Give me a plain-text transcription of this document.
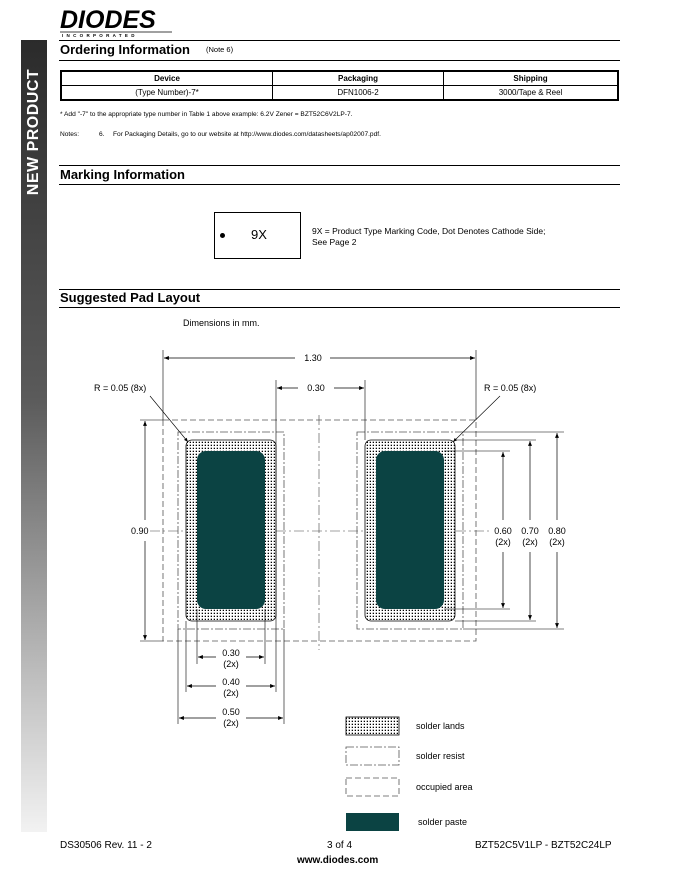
DIODES
INCORPORATED
NEW PRODUCT
Ordering Information (Note 6)
Device	Packaging	Shipping
(Type Number)-7*	DFN1006-2	3000/Tape & Reel
* Add "-7" to the appropriate type number in Table 1 above example: 6.2V Zener = BZT52C6V2LP-7.
Notes:	6. For Packaging Details, go to our website at http://www.diodes.com/datasheets/ap02007.pdf.
Marking Information
9X	9X = Product Type Marking Code, Dot Denotes Cathode Side;
See Page 2
Suggested Pad Layout
Dimensions in mm.
1.30
0.30
R = 0.05 (8x)	R = 0.05 (8x)
0.90	0.60
(2x)
0.70
(2x)
0.80
(2x)
0.30
(2x)
0.40
(2x)
0.50
(2x)	solder lands
solder resist
occupied area
solder paste
DS30506 Rev. 11 - 2	3 of 4
www.diodes.com
BZT52C5V1LP - BZT52C24LP
